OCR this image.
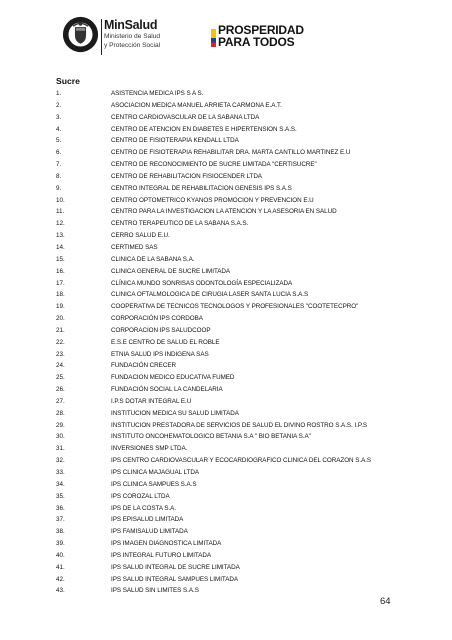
MinSalud
Ministerio de Salud
y Protección Social
PROSPERIDAD
PARA TODOS
Sucre
1.	ASISTENCIA MEDICA IPS S A S.
2.	ASOCIACION MEDICA MANUEL ARRIETA CARMONA E.A.T.
3.	CENTRO CARDIOVASCULAR DE LA SABANA LTDA
4.	CENTRO DE ATENCION EN DIABETES E HIPERTENSION S.A.S.
5.	CENTRO DE FISIOTERAPIA KENDALL LTDA
6.	CENTRO DE FISIOTERAPIA REHABILITAR DRA. MARTA CANTILLO MARTINEZ E.U
7.	CENTRO DE RECONOCIMIENTO DE SUCRE LIMITADA "CERTISUCRE"
8.	CENTRO DE REHABILITACION FISIOCENDER LTDA
9.	CENTRO INTEGRAL DE REHABILITACION GENESIS IPS S.A.S
10.	CENTRO OPTOMETRICO KYANOS PROMOCION Y PREVENCION E.U
11.	CENTRO PARA LA INVESTIGACION LA ATENCION Y LA ASESORIA EN SALUD
12.	CENTRO TERAPEUTICO DE LA SABANA S.A.S.
13.	CERRO SALUD E.U.
14.	CERTIMED SAS
15.	CLINICA DE LA SABANA S.A.
16.	CLINICA GENERAL DE SUCRE LIMITADA
17.	CLÍNICA MUNDO SONRISAS ODONTOLOGÍA ESPECIALIZADA
18.	CLINICA OFTALMOLOGICA DE CIRUGIA LASER SANTA LUCIA S.A.S
19.	COOPERATIVA DE TECNICOS TECNOLOGOS Y PROFESIONALES "COOTETECPRO"
20.	CORPORACIÓN IPS CORDOBA
21.	CORPORACION IPS SALUDCOOP
22.	E.S.E CENTRO DE SALUD EL ROBLE
23.	ETNIA SALUD IPS INDIGENA SAS
24.	FUNDACIÓN CRECER
25.	FUNDACION MEDICO EDUCATIVA FUMED
26.	FUNDACIÓN SOCIAL LA CANDELARIA
27.	I.P.S DOTAR INTEGRAL E.U
28.	INSTITUCION MEDICA SU SALUD LIMITADA
29.	INSTITUCION PRESTADORA DE SERVICIOS DE SALUD EL DIVINO ROSTRO S.A.S. I.P.S
30.	INSTITUTO ONCOHEMATOLOGICO BETANIA S.A " BIO BETANIA S.A"
31.	INVERSIONES SMP LTDA.
32.	IPS CENTRO CARDIOVASCULAR Y ECOCARDIOGRAFICO CLINICA DEL CORAZON S.A.S
33.	IPS CLINICA MAJAGUAL LTDA
34.	IPS CLINICA SAMPUES S.A.S
35.	IPS COROZAL LTDA
36.	IPS DE LA COSTA S.A.
37.	IPS EPISALUD LIMITADA
38.	IPS FAMISALUD LIMITADA
39.	IPS IMAGEN DIAGNOSTICA LIMITADA
40.	IPS INTEGRAL FUTURO LIMITADA
41.	IPS SALUD INTEGRAL DE SUCRE LIMITADA
42.	IPS SALUD INTEGRAL SAMPUES LIMITADA
43.	IPS SALUD SIN LIMITES S.A.S
64
